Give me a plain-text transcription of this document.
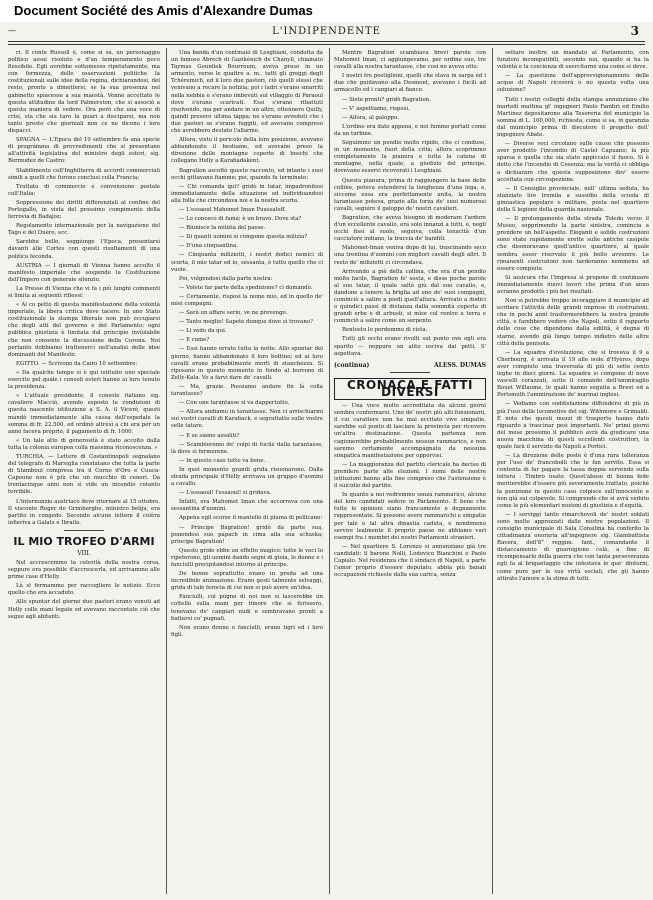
Document Société des Amis d'Alexandre Dumas
—	L'INDIPENDENTE	3

ri. Il conte Russell è, come si sa, un personaggio politico assai risoluto e d'un temperamento poco flessibile. Egli avrebbe sottomesso ripetutamente, ma con fermezza, delle osservazioni politiche la costituzionali sulle idee della regina, dichiarandosi, del resto, pronto a dimettersi, se la sua presenza nel gabinetto spiacesse a sua maestà. Venne accettato le questa attitudine da lord Palmerston, che si associò a questa maniera di vedere. Ora però che una voce di crisi, sta che sia taro la guari a disciparsi, ma non tanto presto che giorniali non ce ne dicono i loro dispacci.

SPAGNA — L'Epoca del 10 settembre fa una specie di programma di provvedimenti che si presentano all'attività legislativa del ministro degli esteri, sig. Bermudez de Castro:

Stabilimento coll'Inghilterra di accordi commerciali simili a quelli che furono conclusi colla Francia;

Trattato di commercio e convenzione postale coll'Italia;

Soppressione dei diritti differenziali al confine del Portogallo, in vista del prossimo compimento della ferrovia di Badajoz;

Regolamento internazionale per la navigazione del Tago e del Duero, ecc.

Sarebbe bello, soggiunge l'Epoca, presentarsi davanti alle Cortes con questi risultamenti di una politica feconda.

AUSTRIA — I giornali di Vienna hanno accolto il manifesto imperiale che sospende la Costituzione dell'Impero con generale silenzio.

La Presse di Vienna che vi fa i più lunghi commenti si limita ai seguenti riflessi:

« Al co petto di questa manifestazione della volontà imperiale, la libera critica deve tacere. In uno Stato costituzionale la stampa liberale non può occuparsi che degli atti del governo e del Parlamento; ogni pubblica giustizia è limitata dal principio inviolabile che non consente la discussione della Corona. Noi pertanto dobbiamo trattenerci nell'analisi delle idee dominanti del Manifesto.

EGITTO. — Scrivono da Cairo 10 settembre:

« Da qualche tempo si è qui istituito uno speciale esercito pel quale i consoli esteri hanno ai loro tenuto la presidenza.

« L'attuale presidente, il console italiano sig. cavaliere Macciò, avendo esposto le condizioni di questa nascente istituzione a S. A. il Vicerè, questi mandò immediatamente alla cassa dell'ospedale la somma di fr. 22,500, ed ordinò altresì a chi era per un anno faceva proprio, il pagamento di fr. 1000.

« Un tale atto di generosità è stato accolto dalla tutta la colonia europea colla massima riconoscenza. »

TURCHIA. — Lettere di Costantinopoli segnalano del telegrafo di Marsiglia constatano che tutta la parte di Stamboul compresa tra il Corno d'Oro e Cuuca-Capoune non è più che un mucchio di ceneri. Da trentacinque anni non si vide un incendio cotanto terribile.

L'internunzio austriaco deve ritornare al 15 ottobre. Il visconte Roger de Grimberghe, ministro belga, era partito in congedo. Secondo alcune lettere il colèra infieriva a Galatz e Ibraila.

IL MIO TROFEO D'ARMI
VIII.

Nel accrescemmo la celerità della nostra corsa, seppure era possibile d'accrescerla, ed arrivammo alle prime case d'Helly.

Là si fermammo per raccogliere le notizie. Ecco quello che era accaduto.

Allo spuntar del giorno due pastori erano venuti ad Helly colle mani legate ed avevano raccontato ciò che segue agli abitanti.

Una banda d'un centinaio di Lesghiani, condotta da un famoso Abrech di Gazikénich de Chanyil, chiamato Taymas Gounilek Bourroum, aveva preso in un armento, verso le quattro a. m., tutti gli greggi degli Tchéremich, ed il loro due pastori, ciò quelli stessi che venivano a recare la notizia; poi i ladri s'erano smarriti nella nebbia e s'erano imbevuti sul villaggio di Paraoul dove s'erano scaricati. Essi s'erano ribattuti risolvendo, ma per andare in un altro, ottennero Quilly, quindi presero ultima tappa; ne s'erano avveduti che i due pastori se s'erano fuggiti, ed avevano compreso che avrebbero destato l'allarme.

Allora, visto il pericolo della loro posizione, avevano abbandonato il bestiame, ed avevano preso la direzione delle montagne coperte di boschi che collegano Helly a Karabadakent.

Bagration ascoltò questo racconto, ed intanto i suoi occhi gittavano fiamme; poi, quando fu terminato:

— Chi comanda qui? gridò in tatar, impadronitosi immediatamente della situazione ed individuandosi alla folla che circondava noi e la nostra scorta.

— L'essaoul Mahomet Iman Puassaleff.

— Lo conosco di fama; è un bravo. Dove sta?

— Riunisce la milizia del paese.

— Di quanti uomini si compone questa milizia?

— D'una cinquantina.

— Cinquanta miliziotti, i nostri dodici nemici di scorta, il mio tatar ed io, sessanta, è tutto quello che ci vuole.

Poi, volgendosi dalla parte nostra:

— Volete far parte della spedizione? ci domandò.

— Certamente, risposi la nome mio, ed in quello de' miei compagni.

— Sarà un affare serio, ve ne prevengo.

— Tanto meglio! Sapete dunque dove si trovano?

— Li vedo da qui.

— E come?

— Essi hanno errato tutta la notte. Allo spuntar del giorno, hanno abbandonato il loro bottino; ed ai loro cavalli erano probabilmente morti di stanchezza. Si riposano in questo momento in fondo al burrone di Zelly-Kala. Vo a farvi dare de' cavalli.

— Ma, grazie. Possiamo andare fin là colla tarantasse?

— Con une tarantasse si va dappertutto.

— Allora andiamo in tarantasse. Non ci arrischiarmi sui vostri cavalli di Karaback, e segrattatto sulle vostre selle tatare.

— E se siamo assaliti?

— Scambieremo de' colpi di fucile dalla tarantasse, là dove si fermerene.

— In questo caso tutto va bene.

In quel momento grandi grida risuonarono. Dalla strada principale d'Helly arrivava un gruppo d'uomini a cavallo.

— L'essaoul! l'essaoul! si gridava.

Infatti, era Mahomet Iman che accorreva con una sessantina d'uomini.

Appena egli scorse il mantello di pluma di pellicano:

— Principe Bagration! gridò da parte sua, ponendosi suo papach in cima alla sua schaska; principe Bagration!

Questo grido ebbe un effetto magico: tutte le voci lo ripeterono, gli uomini dando segni di gioia, le donne e i fanciulli precipitandosi intorno al principe.

De bonne soprattutto erano in preda ad una incredibile animazione. Erano gesti talmente selvaggi, grida di tale ferocia di cui non si può avere un'idea.

Fanciulli, col pugno di noi non si lascerebbe un coltello sulla mani per timore che si ferissero, tenevano de' cangiari nudi e sembravano pronti a battersi co' pugnali.

Non erano donne e fanciulli, erano tigri ed i loro figli.

Mentre Bagration scambiava brevi parole con Mahomet Iman, ci aggiungevamo, per ordine suo, tre cavalli alla nostra tarantasse, che cosi ne aveva otto.

I nostri tre postiglioni, quelli che stava in sarpa ed i due che guidavano alla Desmont, avevano i fucili ad armacollo ed i cangiari al fianco.

— Siete pronti? gridò Bagration.

— V' aspettiamo, risposi.

— Allora, al galoppo.

L'ordine era dato appena, e noi fummo portati come da un turbine.

Seguimmo un pendio molto ripido, che ci conduse, in un momento, fuori della città; allora scoprimmo completamente la pianura e tutta la catena di montagne, nella quale, a giudizio del principe, dovevano esservi ricoverati i Lesghiani.

Questa pianura, prima di raggiungere la base delle colline, poteva estendersi la lunghezza d'una lega, e, siccome essa era perfettamente unita, la nostra tarantasse poteva, grazie alla forza de' suoi numerosi cavalli, seguire il galoppo de' nostri cavalieri.

Bagration, che aveva bisogno di moderare l'ardore d'un eccellente cavallo, era solo innanzi a tutti, e, negli occhi fissi al suolo, seguiva, colla tenacità d'un cacciatore indiano, la traccia de' banditi.

Mahomet-Iman veniva dopo di lui, trascinando seco una trentina d'uomini con migliori cavalli degli altri. Il resto de' miliziotti ci circondava.

Arrivando a piè della collina, che era d'un pendio molto facile, Bagration fe' sosta, e disse poche parole al suo tatar, il quale saltò giù dal suo cavallo, e, dandone a tenere la briglia ad uno de' suoi compagni, cominciò a salire a piedi quell'altura. Arrivato a dodici o quindici passi di distanza dalla sommità coperta di grandi erbe e di arbusti, si mise col ventre a terra e cominciò a salire come un serpente.

Bentosto lo perdemmo di vista.

Tutti gli occhi erano rivolti sul punto ove egli era sparito — neppure un alito usciva dai petti. S' aspettava.

(continua)	ALESS. DUMAS
CRONACA E FATTI DIVERSI

— Una voce molto accreditata da alcuni giorni sembra confermarsi. Uno de' nostri più alti funzionarii, il cui carattere non ha mai eccitato vive simpatie, sarebbe sul punto di lasciare la provincia per ricevere un'altra destinazione. Questa partenza non cagionerebbe probabilmente nessun rammarico, e non saremo certamente accompagnata da nessuna simpatica manifestazione per opporvisi.

— La maggioranza del partito clericale ha deciso di prendere parte alle elezioni. I nomi delle nostre istituzioni hanno alla fine compreso che l'astensione è il suicidio del partito.

In quanto a noi vedremmo senza rammarico, alcuno del loro candidati sedere in Parlamento. È bene che tutte le opinioni siano francamente e degnamente rappresentate. Si possono avere rammarichi e simpatie per tale o tal altra dinastia caduta, e nondimeno servire lealmente il proprio paese ne abbiamo vari esempi fra i membri dei nostri Parlamenti stranieri.

— Nel quartiere S. Lorenzo si annunziano già tre candidati: il barone Nolli, Lodovico Bianchini e Paolo Capialo. Nel residenza che il sindaco di Napoli, a parte l'amor proprio d'essere deputato, abbia più banali occupazioni richieste dalla sua carica, senza

settare inoltre un mandato al Parlamento, con funzioni incompatibili, secondo noi, quando si ha la volontà e la coscienza di esercitarne una come si deve.

— La questione dell'approvvigionamento delle acque di Napoli riceverà o no questa volta una soluzione?

Tutti i nostri colleghi della stampa annunziano che martedì mattina gl' ingegneri Paolo Fambri ed Emilio Martinez depositarono alla Tesoreria del municipio la somma di L. 100,000, richiesta, come si sa, in garanzia dal municipio prima di discutere il progetto dell' ingegnere Abate.

— Diverse voci circolano sulle cause che possono aver prodotto l'incendio di Castel Capuano; la più sparsa è quella che sia stato appiccato il fuoco. Si è detto che l'incendio di Cosenza; ma la verità ci obbliga a dichiarare che questa supposizione dev' essere accettata con circospezione.

— Il Consiglio provinciale, nell' ultima seduta, ha stanziato lire tremila a sussidio della scuola di ginnastica popolare e militare, posta nel quartiere della S legione della guardia nazionale.

— Il prolungamento della strada Toledo verso il Museo, sopprimendo la parte sinistra, comincia a prendere un bell'aspetto. Eleganti e solide costruzioni sono state rapidamente erette sulle antiche casipole che disonoravano quell'antico quartiere, al quale sembra esser riservato il più bello avvenire. Le rimanenti costruzioni non tarderanno nemmeno ad essere compiute.

Si assicura che l'Impresa si propone di continuare immediatamente nuovi lavori che prima d'un anno avranno prodotto i più bei risultati.

Non si potrebbe troppo incoraggiare il municipio ad ecritare l'attività delle grandi imprese di costruzioni, che in pochi anni trasformerebbero la nostra grande città, e farebbero vedere che Napoli, sotto il rapporto delle cose che dipendono dalla edilità, è degna di starne, avendo già lungo tempo indietro delle altre città della penisola.

— La squadra d'evoluzione, che si trovava il 9 a Cherbourg, è arrivata il 19 alle isole d'Hyères, dopo aver compiuto una traversata di più di sette cento leghe in dieci giorni. La squadra si compone di nove vascelli corazzati, sotto il comando dell'ammiraglio Bouet Willaume, le quali hanno seguita a Brest ed a Portsmuth l'ammirazione de' marinai inglesi.

— Vediamo con soddisfazione diffondersi di più in più l'uso delle locomotive del sig. Withmore e Grimaldi. È noto che questi mezzi di trasporto hanno dato riguardo a trascinar pesi importanti. Ne' primi giorni del mese prossimo il pubblico avrà da giudicare una nuova macchina di questi eccellenti costruttori, la quale farà il servizio da Napoli a Portici.

— La direzione delle poste è d'una rara tolleranza per l'uso de' francobolli che le fan servito. Essa si contenta di far pagare la tassa doppia servendo sulla lettera : Timbro usato. Quest'abuso di buona fede meriterebbe d'essere più severamente trattato, poichè la punizione in questo caso colpisce sull'innocente e non già sul colpevole. Si comprende che si avrà veduto come le più elementari nozioni di giustizia e d'equità.

— I serviggi tanto rimarchevoli de' nostri soldati sono molto apprezzati dalle nostre popolazioni. Il consiglio municipale di Sala Consilina ha conferito la cittadinanza onoraria all'ingegnere sig. Giambattista Ravera, dell'8° reggim. fant., comandante il distaccamento di guarnigione colà, a fine di ricompensarlo della guerra che con tanta perseveranza egli fa al brigantaggio che infestava le que' dintorni, come pure per le sue virtù sociali, che gli hanno attirato l'amore e la stima di tutti.
